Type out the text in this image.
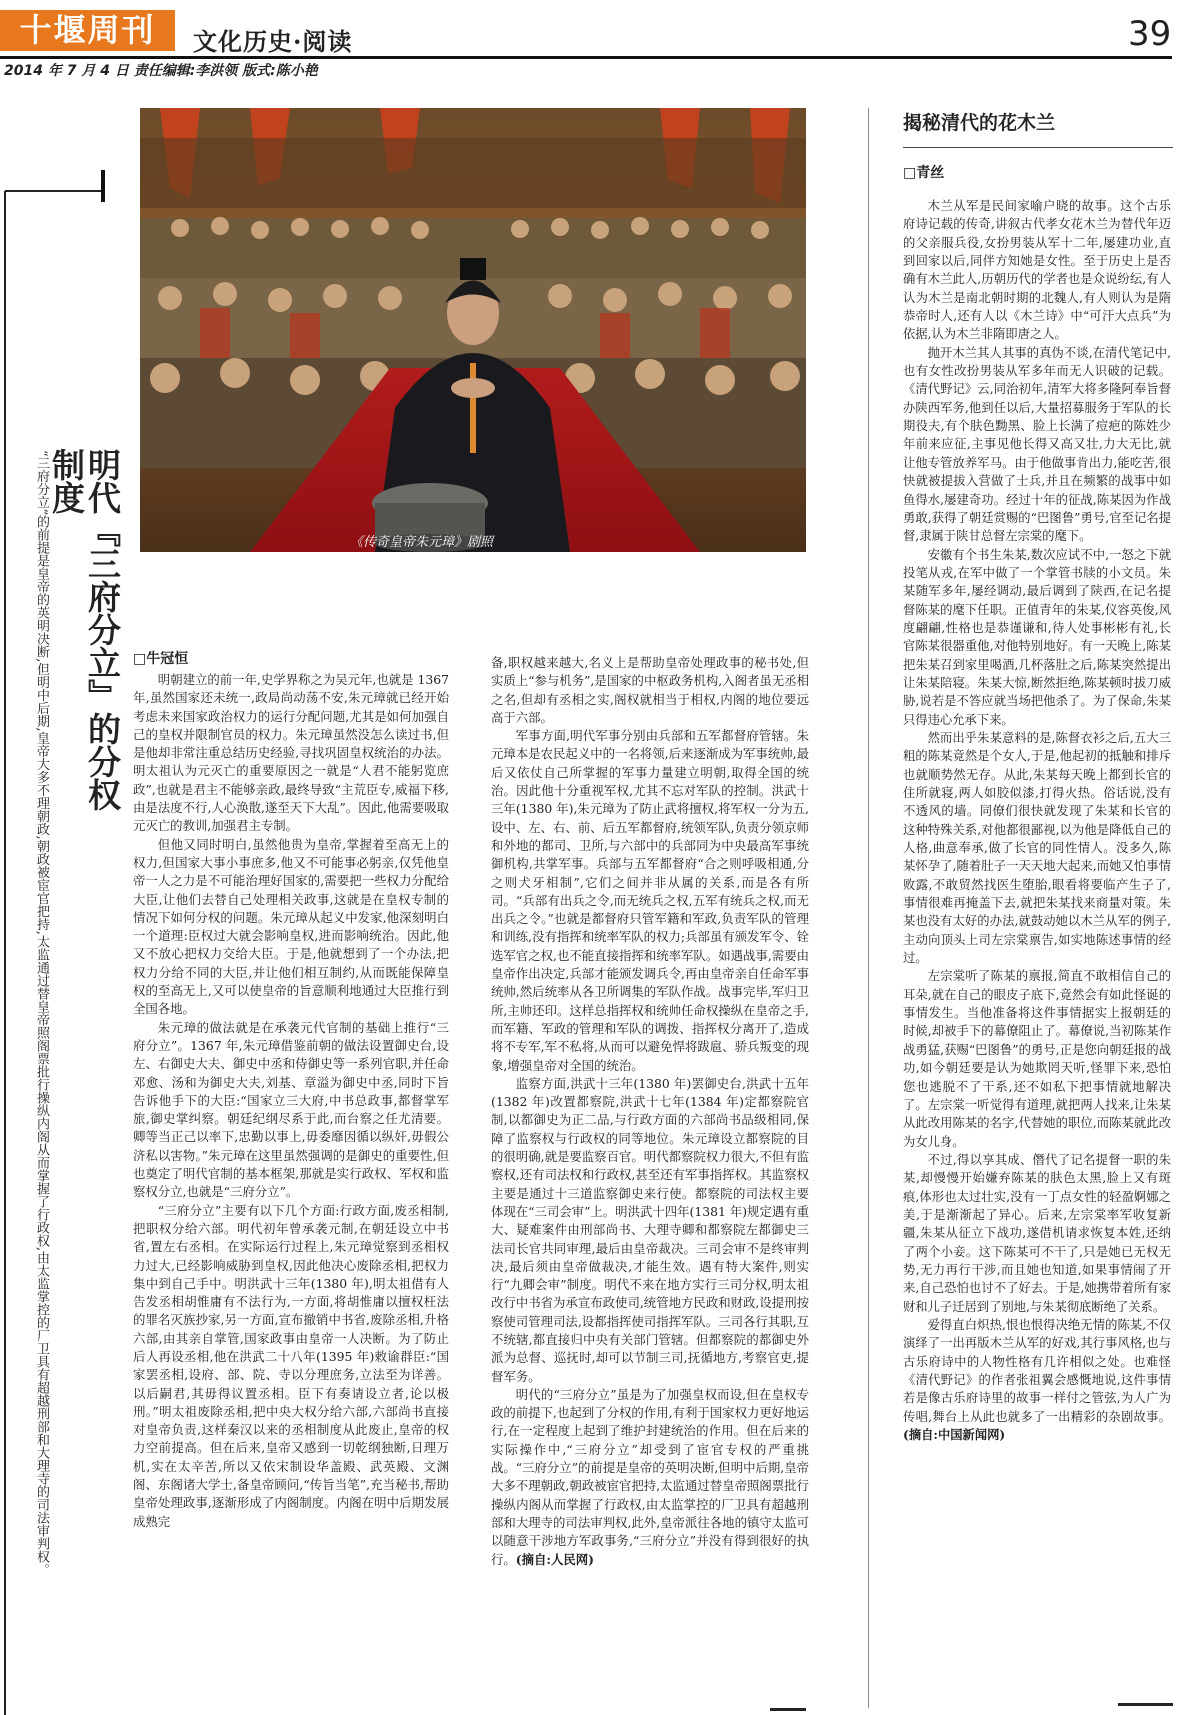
十堰周刊	文化历史·阅读	39
2014 年 7 月 4 日 责任编辑:李洪领 版式:陈小艳
《传奇皇帝朱元璋》剧照
明代『三府分立』的分权制度
“三府分立”的前提是皇帝的英明决断,但明中后期,皇帝大多不理朝政,朝政被宦官把持,太监通过替皇帝照阁票批行操纵内阁从而掌握了行政权,由太监掌控的厂卫具有超越刑部和大理寺的司法审判权。	□牛冠恒

明朝建立的前一年,史学界称之为吴元年,也就是 1367 年,虽然国家还未统一,政局尚动荡不安,朱元璋就已经开始考虑未来国家政治权力的运行分配问题,尤其是如何加强自己的皇权并限制官员的权力。朱元璋虽然没怎么读过书,但是他却非常注重总结历史经验,寻找巩固皇权统治的办法。明太祖认为元灭亡的重要原因之一就是“人君不能躬览庶政”,也就是君主不能够亲政,最终导致“主荒臣专,威福下移,由是法度不行,人心涣散,遂至天下大乱”。因此,他需要吸取元灭亡的教训,加强君主专制。

但他又同时明白,虽然他贵为皇帝,掌握着至高无上的权力,但国家大事小事庶多,他又不可能事必躬亲,仅凭他皇帝一人之力是不可能治理好国家的,需要把一些权力分配给大臣,让他们去替自己处理相关政事,这就是在皇权专制的情况下如何分权的问题。朱元璋从起义中发家,他深刻明白一个道理:臣权过大就会影响皇权,进而影响统治。因此,他又不放心把权力交给大臣。于是,他就想到了一个办法,把权力分给不同的大臣,并让他们相互制约,从而既能保障皇权的至高无上,又可以使皇帝的旨意顺利地通过大臣推行到全国各地。

朱元璋的做法就是在承袭元代官制的基础上推行“三府分立”。1367 年,朱元璋借鉴前朝的做法设置御史台,设左、右御史大夫、御史中丞和侍御史等一系列官职,并任命邓愈、汤和为御史大夫,刘基、章溢为御史中丞,同时下旨告诉他手下的大臣:“国家立三大府,中书总政事,都督掌军旅,御史掌纠察。朝廷纪纲尽系于此,而台察之任尤清要。卿等当正己以率下,忠勤以事上,毋委靡因循以纵奸,毋假公济私以害物。”朱元璋在这里虽然强调的是御史的重要性,但也奠定了明代官制的基本框架,那就是实行政权、军权和监察权分立,也就是“三府分立”。

“三府分立”主要有以下几个方面:行政方面,废丞相制,把职权分给六部。明代初年曾承袭元制,在朝廷设立中书省,置左右丞相。在实际运行过程上,朱元璋觉察到丞相权力过大,已经影响威胁到皇权,因此他决心废除丞相,把权力集中到自己手中。明洪武十三年(1380 年),明太祖借有人告发丞相胡惟庸有不法行为,一方面,将胡惟庸以擅权枉法的罪名灭族抄家,另一方面,宣布撤销中书省,废除丞相,升格六部,由其亲自掌管,国家政事由皇帝一人决断。为了防止后人再设丞相,他在洪武二十八年(1395 年)敕谕群臣:“国家罢丞相,设府、部、院、寺以分理庶务,立法至为详善。以后嗣君,其毋得议置丞相。臣下有奏请设立者,论以极刑。”明太祖废除丞相,把中央大权分给六部,六部尚书直接对皇帝负责,这样秦汉以来的丞相制度从此废止,皇帝的权力空前提高。但在后来,皇帝又感到一切乾纲独断,日理万机,实在太辛苦,所以又依宋制设华盖殿、武英殿、文渊阁、东阁诸大学士,备皇帝顾问,“传旨当笔”,充当秘书,帮助皇帝处理政事,逐渐形成了内阁制度。内阁在明中后期发展成熟完

备,职权越来越大,名义上是帮助皇帝处理政事的秘书处,但实质上“参与机务”,是国家的中枢政务机构,入阁者虽无丞相之名,但却有丞相之实,阁权就相当于相权,内阁的地位要远高于六部。

军事方面,明代军事分别由兵部和五军都督府管辖。朱元璋本是农民起义中的一名将领,后来逐渐成为军事统帅,最后又依仗自己所掌握的军事力量建立明朝,取得全国的统治。因此他十分重视军权,尤其不忘对军队的控制。洪武十三年(1380 年),朱元璋为了防止武将擅权,将军权一分为五,设中、左、右、前、后五军都督府,统领军队,负责分领京师和外地的都司、卫所,与六部中的兵部同为中央最高军事统御机构,共掌军事。兵部与五军都督府“合之则呼吸相通,分之则犬牙相制”,它们之间并非从属的关系,而是各有所司。“兵部有出兵之令,而无统兵之权,五军有统兵之权,而无出兵之令。”也就是都督府只管军籍和军政,负责军队的管理和训练,没有指挥和统率军队的权力;兵部虽有颁发军令、铨选军官之权,也不能直接指挥和统率军队。如遇战事,需要由皇帝作出决定,兵部才能颁发调兵令,再由皇帝亲自任命军事统帅,然后统率从各卫所调集的军队作战。战事完毕,军归卫所,主帅还印。这样总指挥权和统帅任命权操纵在皇帝之手,而军籍、军政的管理和军队的调拨、指挥权分离开了,造成将不专军,军不私将,从而可以避免悍将跋扈、骄兵叛变的现象,增强皇帝对全国的统治。

监察方面,洪武十三年(1380 年)罢御史台,洪武十五年(1382 年)改置都察院,洪武十七年(1384 年)定都察院官制,以都御史为正二品,与行政方面的六部尚书品级相同,保障了监察权与行政权的同等地位。朱元璋设立都察院的目的很明确,就是要监察百官。明代都察院权力很大,不但有监察权,还有司法权和行政权,甚至还有军事指挥权。其监察权主要是通过十三道监察御史来行使。都察院的司法权主要体现在“三司会审”上。明洪武十四年(1381 年)规定遇有重大、疑难案件由刑部尚书、大理寺卿和都察院左都御史三法司长官共同审理,最后由皇帝裁决。三司会审不是终审判决,最后须由皇帝做裁决,才能生效。遇有特大案件,则实行“九卿会审”制度。明代不来在地方实行三司分权,明太祖改行中书省为承宣布政使司,统管地方民政和财政,设提刑按察使司管理司法,设都指挥使司指挥军队。三司各行其职,互不统辖,都直接归中央有关部门管辖。但都察院的都御史外派为总督、巡抚时,却可以节制三司,抚循地方,考察官吏,提督军务。

明代的“三府分立”虽是为了加强皇权而设,但在皇权专政的前提下,也起到了分权的作用,有利于国家权力更好地运行,在一定程度上起到了维护封建统治的作用。但在后来的实际操作中,“三府分立”却受到了宦官专权的严重挑战。“三府分立”的前提是皇帝的英明决断,但明中后期,皇帝大多不理朝政,朝政被宦官把持,太监通过替皇帝照阁票批行操纵内阁从而掌握了行政权,由太监掌控的厂卫具有超越刑部和大理寺的司法审判权,此外,皇帝派往各地的镇守太监可以随意干涉地方军政事务,“三府分立”并没有得到很好的执行。(摘自:人民网)

揭秘清代的花木兰
□青丝

木兰从军是民间家喻户晓的故事。这个古乐府诗记载的传奇,讲叙古代孝女花木兰为替代年迈的父亲服兵役,女扮男装从军十二年,屡建功业,直到回家以后,同伴方知她是女性。至于历史上是否确有木兰此人,历朝历代的学者也是众说纷纭,有人认为木兰是南北朝时期的北魏人,有人则认为是隋恭帝时人,还有人以《木兰诗》中“可汗大点兵”为依据,认为木兰非隋即唐之人。

抛开木兰其人其事的真伪不谈,在清代笔记中,也有女性改扮男装从军多年而无人识破的记载。《清代野记》云,同治初年,清军大将多隆阿奉旨督办陕西军务,他到任以后,大量招募服务于军队的长期役夫,有个肤色黝黑、脸上长满了痘疤的陈姓少年前来应征,主事见他长得又高又壮,力大无比,就让他专管放养军马。由于他做事肯出力,能吃苦,很快就被提拔入营做了士兵,并且在频繁的战事中如鱼得水,屡建奇功。经过十年的征战,陈某因为作战勇敢,获得了朝廷赏赐的“巴图鲁”勇号,官至记名提督,隶属于陕甘总督左宗棠的麾下。

安徽有个书生朱某,数次应试不中,一怒之下就投笔从戎,在军中做了一个掌管书牍的小文员。朱某随军多年,屡经调动,最后调到了陕西,在记名提督陈某的麾下任职。正值青年的朱某,仪容英俊,风度翩翩,性格也是恭谨谦和,待人处事彬彬有礼,长官陈某很器重他,对他特别地好。有一天晚上,陈某把朱某召到家里喝酒,几杯落肚之后,陈某突然提出让朱某陪寝。朱某大惊,断然拒绝,陈某顿时拔刀威胁,说若是不答应就当场把他杀了。为了保命,朱某只得违心允承下来。

然而出乎朱某意料的是,陈督衣衫之后,五大三粗的陈某竟然是个女人,于是,他起初的抵触和排斥也就顺势然无存。从此,朱某每天晚上都到长官的住所就寝,两人如胶似漆,打得火热。俗话说,没有不透风的墙。同僚们很快就发现了朱某和长官的这种特殊关系,对他都很鄙视,以为他是降低自己的人格,曲意奉承,做了长官的同性情人。没多久,陈某怀孕了,随着肚子一天天地大起来,而她又怕事情败露,不敢贸然找医生堕胎,眼看将要临产生子了,事情很难再掩盖下去,就把朱某找来商量对策。朱某也没有太好的办法,就鼓动她以木兰从军的例子,主动向顶头上司左宗棠禀告,如实地陈述事情的经过。

左宗棠听了陈某的禀报,简直不敢相信自己的耳朵,就在自己的眼皮子底下,竟然会有如此怪诞的事情发生。当他准备将这件事情据实上报朝廷的时候,却被手下的幕僚阻止了。幕僚说,当初陈某作战勇猛,获赐“巴图鲁”的勇号,正是您向朝廷报的战功,如今朝廷要是认为她欺罔天听,怪罪下来,恐怕您也逃脱不了干系,还不如私下把事情就地解决了。左宗棠一听觉得有道理,就把两人找来,让朱某从此改用陈某的名字,代替她的职位,而陈某就此改为女儿身。

不过,得以享其成、僭代了记名提督一职的朱某,却慢慢开始嫌弃陈某的肤色太黑,脸上又有斑痕,体形也太过壮实,没有一丁点女性的轻盈婀娜之美,于是渐渐起了异心。后来,左宗棠率军收复新疆,朱某从征立下战功,遂借机请求恢复本姓,还纳了两个小妾。这下陈某可不干了,只是她已无权无势,无力再行干涉,而且她也知道,如果事情闹了开来,自己恐怕也讨不了好去。于是,她携带着所有家财和儿子迁居到了别地,与朱某彻底断绝了关系。

爱得直白炽热,恨也恨得决绝无情的陈某,不仅演绎了一出再版木兰从军的好戏,其行事风格,也与古乐府诗中的人物性格有几许相似之处。也难怪《清代野记》的作者张祖翼会感慨地说,这件事情若是像古乐府诗里的故事一样付之管弦,为人广为传唱,舞台上从此也就多了一出精彩的杂剧故事。(摘自:中国新闻网)
